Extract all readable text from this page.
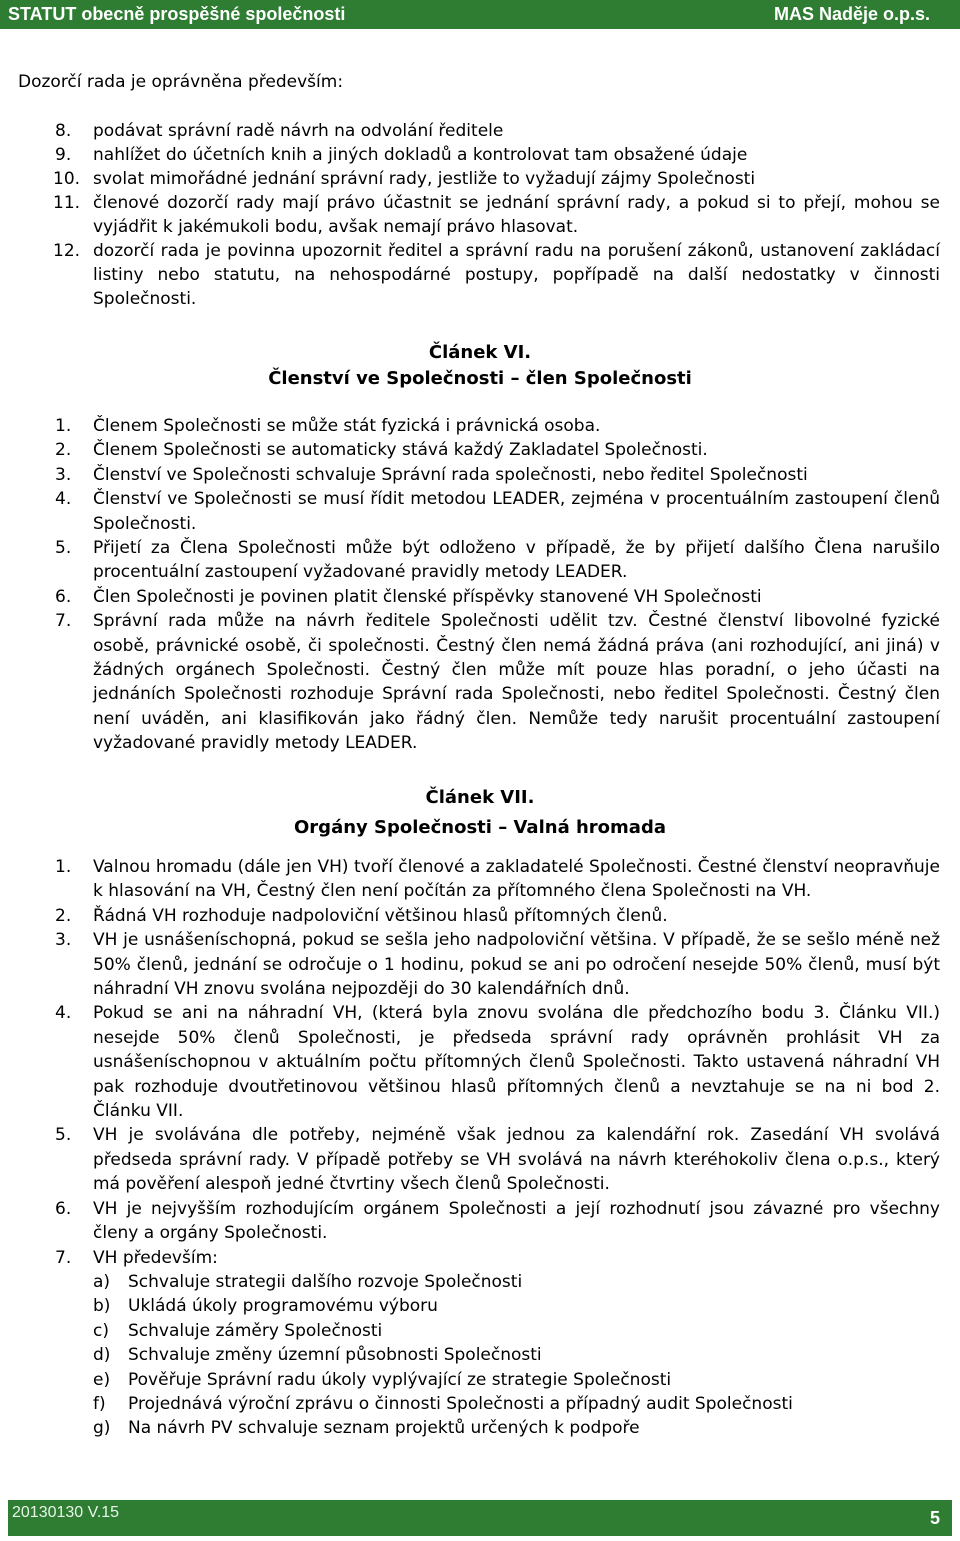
STATUT obecně prospěšné společnosti	MAS Naděje o.p.s.
Dozorčí rada je oprávněna především:
8. podávat správní radě návrh na odvolání ředitele
9. nahlížet do účetních knih a jiných dokladů a kontrolovat tam obsažené údaje
10. svolat mimořádné jednání správní rady, jestliže to vyžadují zájmy Společnosti
11. členové dozorčí rady mají právo účastnit se jednání správní rady, a pokud si to přejí, mohou se vyjádřit k jakémukoli bodu, avšak nemají právo hlasovat.
12. dozorčí rada je povinna upozornit ředitel a správní radu na porušení zákonů, ustanovení zakládací listiny nebo statutu, na nehospodárné postupy, popřípadě na další nedostatky v činnosti Společnosti.
Článek VI.
Členství ve Společnosti – člen Společnosti
1. Členem Společnosti se může stát fyzická i právnická osoba.
2. Členem Společnosti se automaticky stává každý Zakladatel Společnosti.
3. Členství ve Společnosti schvaluje Správní rada společnosti, nebo ředitel Společnosti
4. Členství ve Společnosti se musí řídit metodou LEADER, zejména v procentuálním zastoupení členů Společnosti.
5. Přijetí za Člena Společnosti může být odloženo v případě, že by přijetí dalšího Člena narušilo procentuální zastoupení vyžadované pravidly metody LEADER.
6. Člen Společnosti je povinen platit členské příspěvky stanovené VH Společnosti
7. Správní rada může na návrh ředitele Společnosti udělit tzv. Čestné členství libovolné fyzické osobě, právnické osobě, či společnosti. Čestný člen nemá žádná práva (ani rozhodující, ani jiná) v žádných orgánech Společnosti. Čestný člen může mít pouze hlas poradní, o jeho účasti na jednáních Společnosti rozhoduje Správní rada Společnosti, nebo ředitel Společnosti. Čestný člen není uváděn, ani klasifikován jako řádný člen. Nemůže tedy narušit procentuální zastoupení vyžadované pravidly metody LEADER.
Článek VII.
Orgány Společnosti – Valná hromada
1. Valnou hromadu (dále jen VH) tvoří členové a zakladatelé Společnosti. Čestné členství neopravňuje k hlasování na VH, Čestný člen není počítán za přítomného člena Společnosti na VH.
2. Řádná VH rozhoduje nadpoloviční většinou hlasů přítomných členů.
3. VH je usnášeníschopná, pokud se sešla jeho nadpoloviční většina. V případě, že se sešlo méně než 50% členů, jednání se odročuje o 1 hodinu, pokud se ani po odročení nesejde 50% členů, musí být náhradní VH znovu svolána nejpozději do 30 kalendářních dnů.
4. Pokud se ani na náhradní VH, (která byla znovu svolána dle předchozího bodu 3. Článku VII.) nesejde 50% členů Společnosti, je předseda správní rady oprávněn prohlásit VH za usnášeníschopnou v aktuálním počtu přítomných členů Společnosti. Takto ustavená náhradní VH pak rozhoduje dvoutřetinovou většinou hlasů přítomných členů a nevztahuje se na ni bod 2. Článku VII.
5. VH je svolávána dle potřeby, nejméně však jednou za kalendářní rok. Zasedání VH svolává předseda správní rady. V případě potřeby se VH svolává na návrh kteréhokoliv člena o.p.s., který má pověření alespoň jedné čtvrtiny všech členů Společnosti.
6. VH je nejvyšším rozhodujícím orgánem Společnosti a její rozhodnutí jsou závazné pro všechny členy a orgány Společnosti.
7. VH především:
a) Schvaluje strategii dalšího rozvoje Společnosti
b) Ukládá úkoly programovému výboru
c) Schvaluje záměry Společnosti
d) Schvaluje změny územní působnosti Společnosti
e) Pověřuje Správní radu úkoly vyplývající ze strategie Společnosti
f) Projednává výroční zprávu o činnosti Společnosti a případný audit Společnosti
g) Na návrh PV schvaluje seznam projektů určených k podpoře
20130130 V.15	5
